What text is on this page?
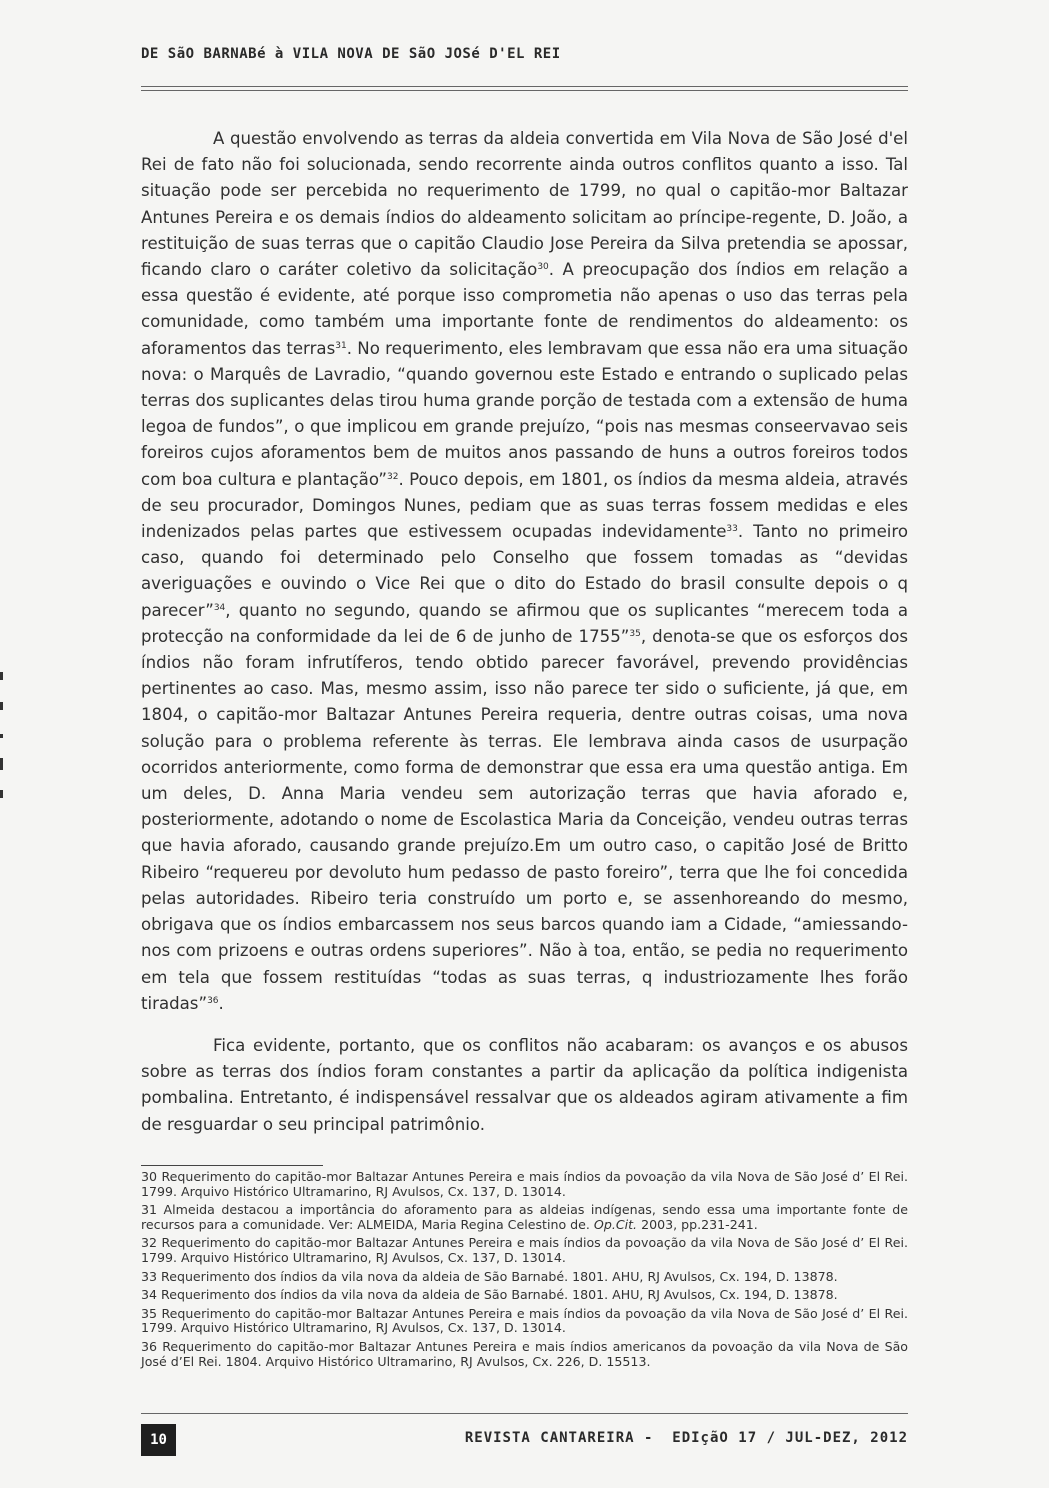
DE SãO BARNABé à VILA NOVA DE SãO JOSé D'EL REI

A questão envolvendo as terras da aldeia convertida em Vila Nova de São José d'el Rei de fato não foi solucionada, sendo recorrente ainda outros conflitos quanto a isso. Tal situação pode ser percebida no requerimento de 1799, no qual o capitão-mor Baltazar Antunes Pereira e os demais índios do aldeamento solicitam ao príncipe-regente, D. João, a restituição de suas terras que o capitão Claudio Jose Pereira da Silva pretendia se apossar, ficando claro o caráter coletivo da solicitação$^{30}$. A preocupação dos índios em relação a essa questão é evidente, até porque isso comprometia não apenas o uso das terras pela comunidade, como também uma importante fonte de rendimentos do aldeamento: os aforamentos das terras$^{31}$. No requerimento, eles lembravam que essa não era uma situação nova: o Marquês de Lavradio, “quando governou este Estado e entrando o suplicado pelas terras dos suplicantes delas tirou huma grande porção de testada com a extensão de huma legoa de fundos”, o que implicou em grande prejuízo, “pois nas mesmas conseervavao seis foreiros cujos aforamentos bem de muitos anos passando de huns a outros foreiros todos com boa cultura e plantação”$^{32}$. Pouco depois, em 1801, os índios da mesma aldeia, através de seu procurador, Domingos Nunes, pediam que as suas terras fossem medidas e eles indenizados pelas partes que estivessem ocupadas indevidamente$^{33}$. Tanto no primeiro caso, quando foi determinado pelo Conselho que fossem tomadas as “devidas averiguações e ouvindo o Vice Rei que o dito do Estado do brasil consulte depois o q parecer”$^{34}$, quanto no segundo, quando se afirmou que os suplicantes “merecem toda a protecção na conformidade da lei de 6 de junho de 1755”$^{35}$, denota-se que os esforços dos índios não foram infrutíferos, tendo obtido parecer favorável, prevendo providências pertinentes ao caso. Mas, mesmo assim, isso não parece ter sido o suficiente, já que, em 1804, o capitão-mor Baltazar Antunes Pereira requeria, dentre outras coisas, uma nova solução para o problema referente às terras. Ele lembrava ainda casos de usurpação ocorridos anteriormente, como forma de demonstrar que essa era uma questão antiga. Em um deles, D. Anna Maria vendeu sem autorização terras que havia aforado e, posteriormente, adotando o nome de Escolastica Maria da Conceição, vendeu outras terras que havia aforado, causando grande prejuízo.Em um outro caso, o capitão José de Britto Ribeiro “requereu por devoluto hum pedasso de pasto foreiro”, terra que lhe foi concedida pelas autoridades. Ribeiro teria construído um porto e, se assenhoreando do mesmo, obrigava que os índios embarcassem nos seus barcos quando iam a Cidade, “amiessando-nos com prizoens e outras ordens superiores”. Não à toa, então, se pedia no requerimento em tela que fossem restituídas “todas as suas terras, q industriozamente lhes forão tiradas”$^{36}$.

Fica evidente, portanto, que os conflitos não acabaram: os avanços e os abusos sobre as terras dos índios foram constantes a partir da aplicação da política indigenista pombalina. Entretanto, é indispensável ressalvar que os aldeados agiram ativamente a fim de resguardar o seu principal patrimônio.

30 Requerimento do capitão-mor Baltazar Antunes Pereira e mais índios da povoação da vila Nova de São José d’ El Rei. 1799. Arquivo Histórico Ultramarino, RJ Avulsos, Cx. 137, D. 13014.

31 Almeida destacou a importância do aforamento para as aldeias indígenas, sendo essa uma importante fonte de recursos para a comunidade. Ver: ALMEIDA, Maria Regina Celestino de. Op.Cit. 2003, pp.231-241.

32 Requerimento do capitão-mor Baltazar Antunes Pereira e mais índios da povoação da vila Nova de São José d’ El Rei. 1799. Arquivo Histórico Ultramarino, RJ Avulsos, Cx. 137, D. 13014.

33 Requerimento dos índios da vila nova da aldeia de São Barnabé. 1801. AHU, RJ Avulsos, Cx. 194, D. 13878.

34 Requerimento dos índios da vila nova da aldeia de São Barnabé. 1801. AHU, RJ Avulsos, Cx. 194, D. 13878.

35 Requerimento do capitão-mor Baltazar Antunes Pereira e mais índios da povoação da vila Nova de São José d’ El Rei. 1799. Arquivo Histórico Ultramarino, RJ Avulsos, Cx. 137, D. 13014.

36 Requerimento do capitão-mor Baltazar Antunes Pereira e mais índios americanos da povoação da vila Nova de São José d’El Rei. 1804. Arquivo Histórico Ultramarino, RJ Avulsos, Cx. 226, D. 15513.

10	REVISTA CANTAREIRA -  EDIçãO 17 / JUL-DEZ, 2012
